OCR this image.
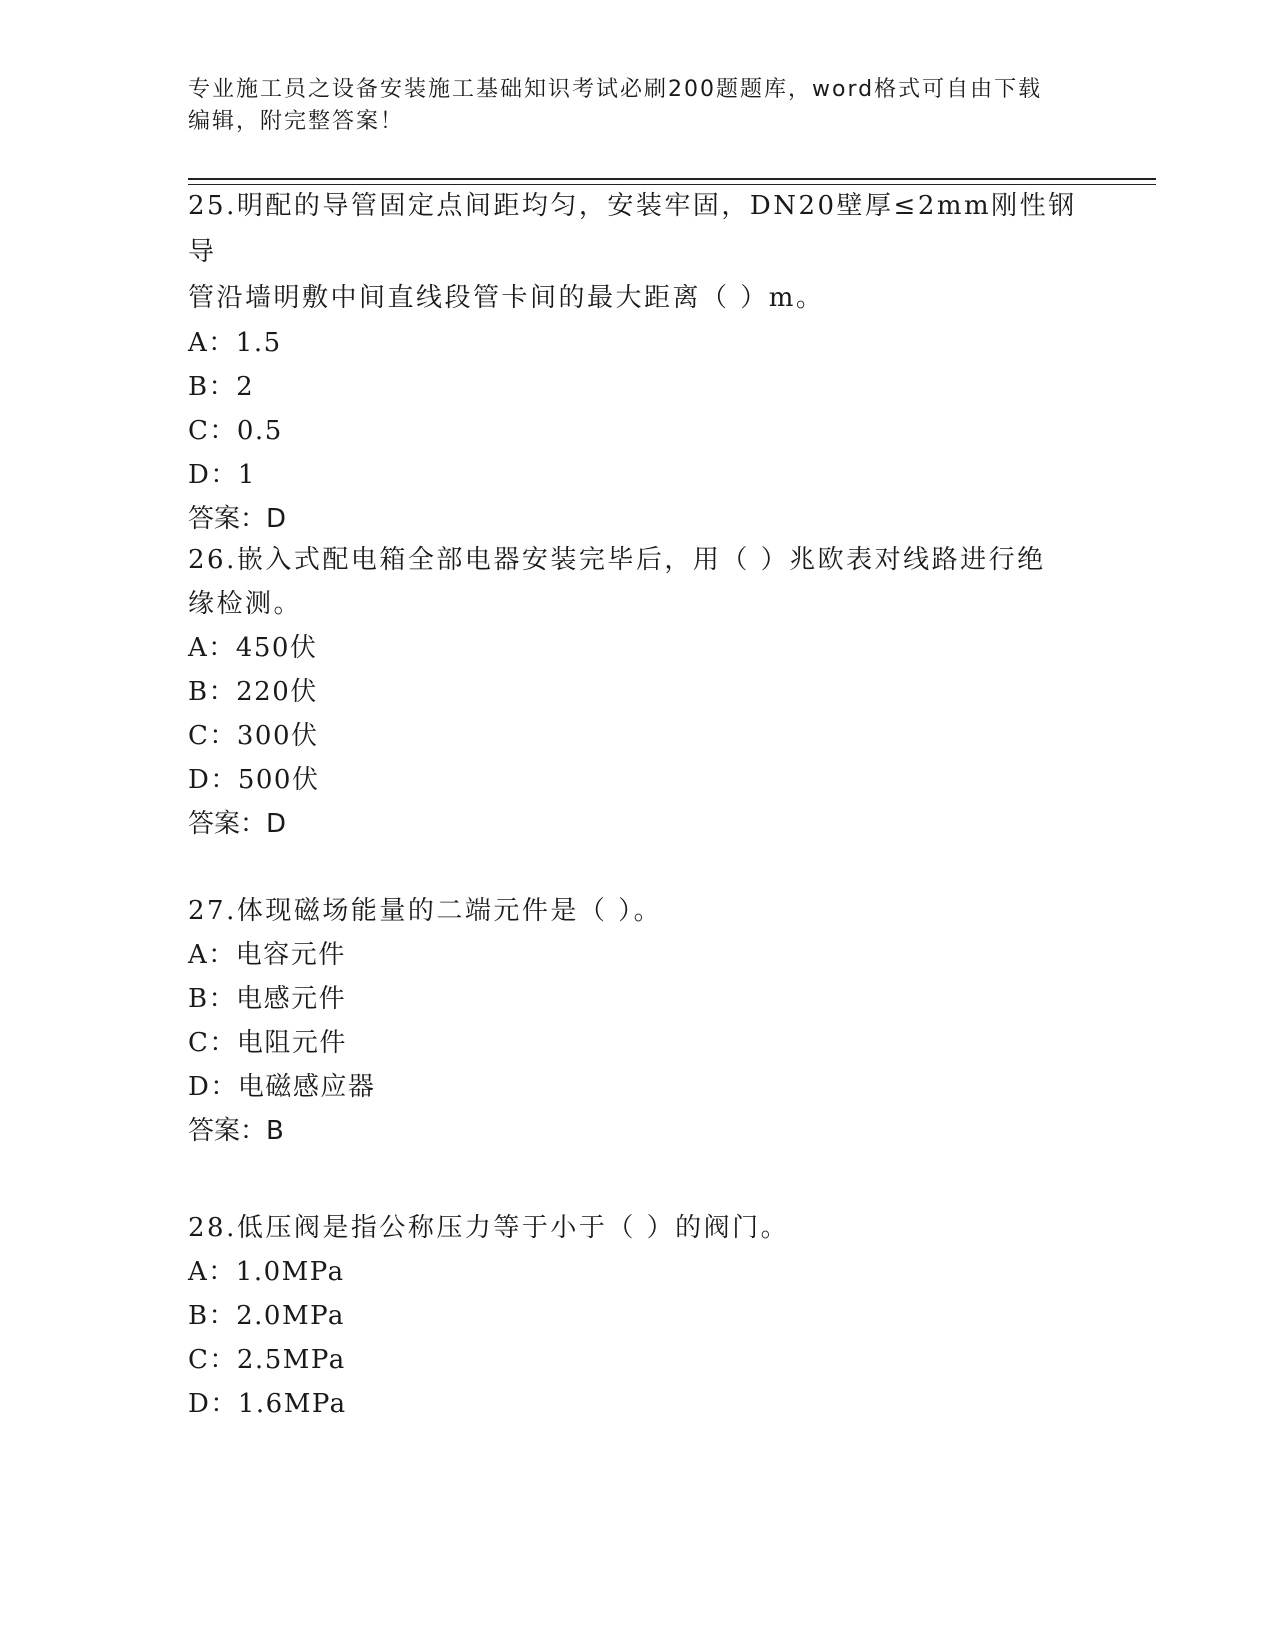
专业施工员之设备安装施工基础知识考试必刷200题题库，word格式可自由下载
编辑，附完整答案！
25.明配的导管固定点间距均匀，安装牢固，DN20壁厚≤2mm刚性钢导
管沿墙明敷中间直线段管卡间的最大距离（ ）m。
A：1.5
B：2
C：0.5
D：1
答案：D
26.嵌入式配电箱全部电器安装完毕后，用（ ）兆欧表对线路进行绝
缘检测。
A：450伏
B：220伏
C：300伏
D：500伏
答案：D
27.体现磁场能量的二端元件是（ ）。
A：电容元件
B：电感元件
C：电阻元件
D：电磁感应器
答案：B
28.低压阀是指公称压力等于小于（ ）的阀门。
A：1.0MPa
B：2.0MPa
C：2.5MPa
D：1.6MPa
